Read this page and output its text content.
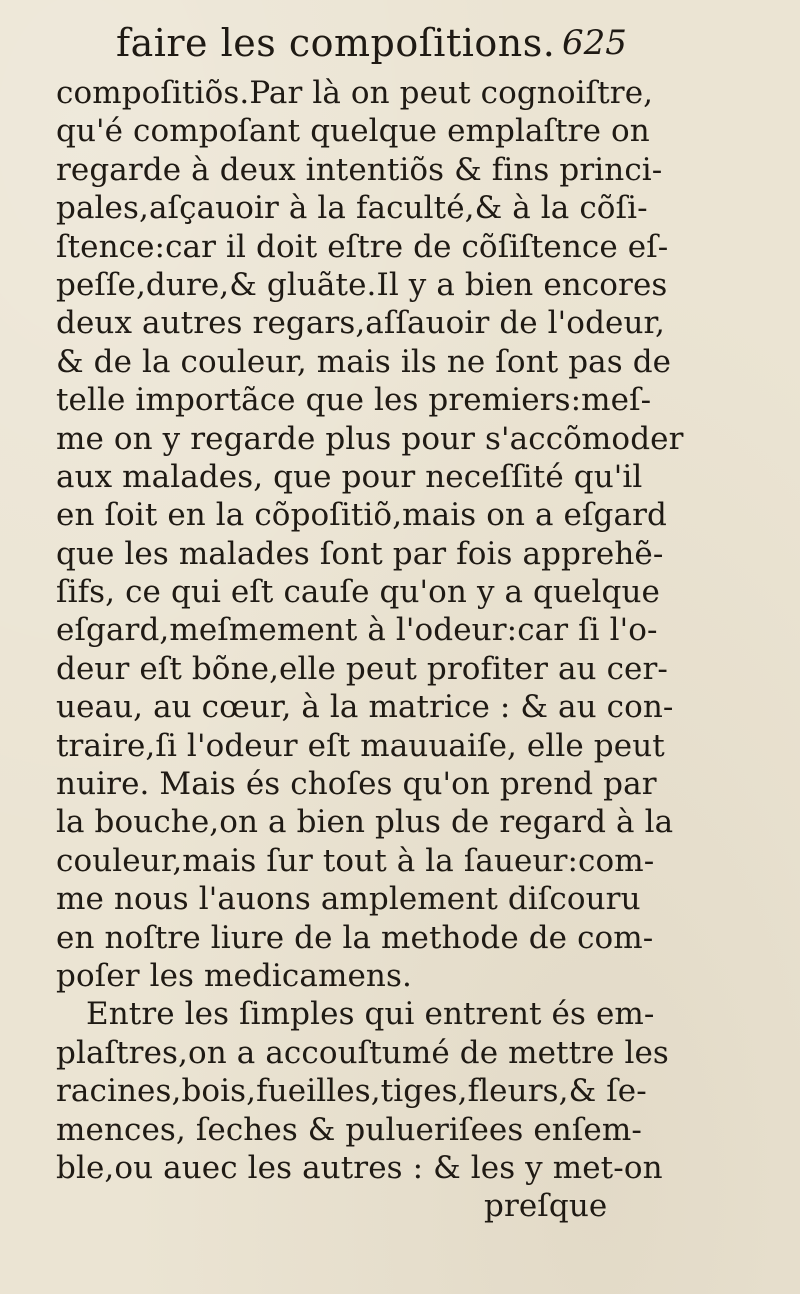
faire les compoſitions. 625
compoſitiõs.Par là on peut cognoiſtre,
qu'é compoſant quelque emplaſtre on
regarde à deux intentiõs & fins princi-
pales,aſçauoir à la faculté,& à la cõſi-
ſtence:car il doit eſtre de cõſiſtence eſ-
peſſe,dure,& gluãte.Il y a bien encores
deux autres regars,aſſauoir de l'odeur,
& de la couleur, mais ils ne ſont pas de
telle importãce que les premiers:meſ-
me on y regarde plus pour s'accõmoder
aux malades, que pour neceſſité qu'il
en ſoit en la cõpoſitiõ,mais on a eſgard
que les malades ſont par fois apprehẽ-
ſifs, ce qui eſt cauſe qu'on y a quelque
eſgard,meſmement à l'odeur:car ſi l'o-
deur eſt bõne,elle peut profiter au cer-
ueau, au cœur, à la matrice : & au con-
traire,ſi l'odeur eſt mauuaiſe, elle peut
nuire. Mais és choſes qu'on prend par
la bouche,on a bien plus de regard à la
couleur,mais ſur tout à la ſaueur:com-
me nous l'auons amplement diſcouru
en noſtre liure de la methode de com-
poſer les medicamens.
Entre les ſimples qui entrent és em-
plaſtres,on a accouſtumé de mettre les
racines,bois,fueilles,tiges,fleurs,& ſe-
mences, ſeches & pulueriſees enſem-
ble,ou auec les autres : & les y met-on
preſque
